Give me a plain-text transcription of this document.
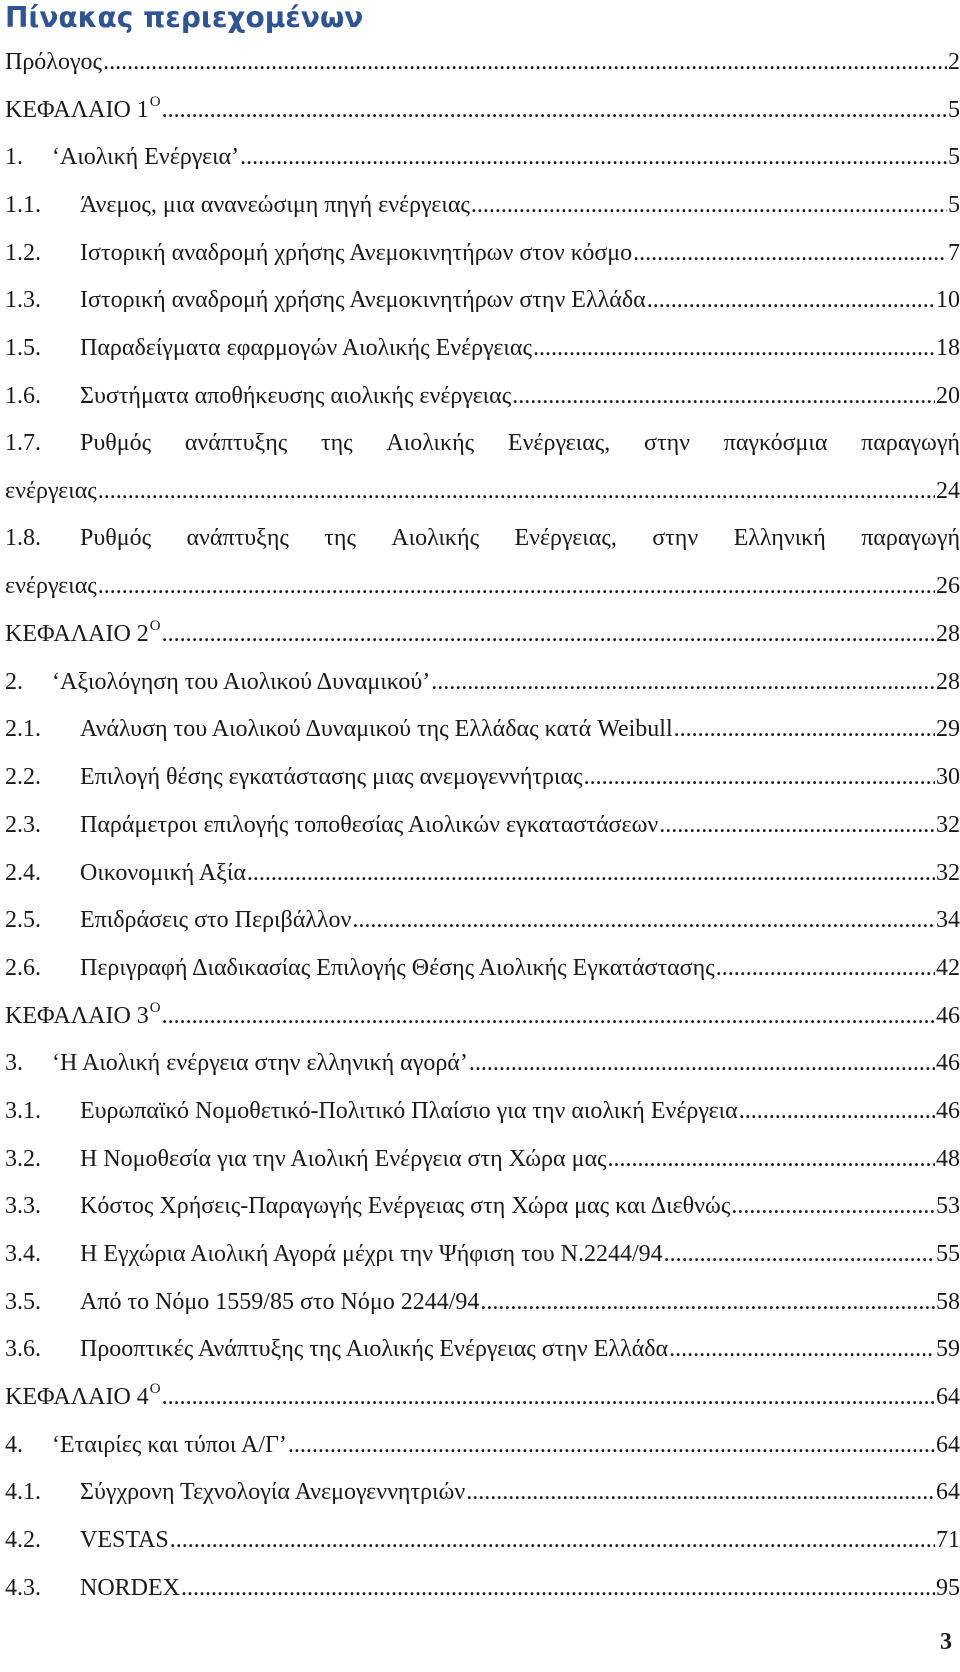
Πίνακας περιεχομένων
Πρόλογος .....	2
ΚΕΦΑΛΑΙΟ $1^O$ .....	5
1.	‘Αιολική Ενέργεια’ .....	5
1.1.	Άνεμος, μια ανανεώσιμη πηγή ενέργειας .....	5
1.2.	Ιστορική αναδρομή χρήσης Ανεμοκινητήρων στον κόσμο .....	7
1.3.	Ιστορική αναδρομή χρήσης Ανεμοκινητήρων στην Ελλάδα .....	10
1.5.	Παραδείγματα εφαρμογών Αιολικής Ενέργειας .....	18
1.6.	Συστήματα αποθήκευσης αιολικής ενέργειας .....	20
1.7.	Ρυθμός ανάπτυξης της Αιολικής Ενέργειας, στην παγκόσμια παραγωγή
ενέργειας .....	24
1.8.	Ρυθμός ανάπτυξης της Αιολικής Ενέργειας, στην Ελληνική παραγωγή
ενέργειας .....	26
ΚΕΦΑΛΑΙΟ $2^O$ .....	28
2.	‘Αξιολόγηση του Αιολικού Δυναμικού’ .....	28
2.1.	Ανάλυση του Αιολικού Δυναμικού της Ελλάδας κατά Weibull .....	29
2.2.	Επιλογή θέσης εγκατάστασης μιας ανεμογεννήτριας .....	30
2.3.	Παράμετροι επιλογής τοποθεσίας Αιολικών εγκαταστάσεων .....	32
2.4.	Οικονομική Αξία .....	32
2.5.	Επιδράσεις στο Περιβάλλον .....	34
2.6.	Περιγραφή Διαδικασίας Επιλογής Θέσης Αιολικής Εγκατάστασης .....	42
ΚΕΦΑΛΑΙΟ $3^O$ .....	46
3.	‘Η Αιολική ενέργεια στην ελληνική αγορά’ .....	46
3.1.	Ευρωπαϊκό Νομοθετικό-Πολιτικό Πλαίσιο για την αιολική Ενέργεια .....	46
3.2.	Η Νομοθεσία για την Αιολική Ενέργεια στη Χώρα μας .....	48
3.3.	Κόστος Χρήσεις-Παραγωγής Ενέργειας στη Χώρα μας και Διεθνώς .....	53
3.4.	Η Εγχώρια Αιολική Αγορά μέχρι την Ψήφιση του Ν.2244/94 .....	55
3.5.	Από το Νόμο 1559/85 στο Νόμο 2244/94 .....	58
3.6.	Προοπτικές Ανάπτυξης της Αιολικής Ενέργειας στην Ελλάδα .....	59
ΚΕΦΑΛΑΙΟ $4^O$ .....	64
4.	‘Εταιρίες και τύποι Α/Γ’ .....	64
4.1.	Σύγχρονη Τεχνολογία Ανεμογεννητριών .....	64
4.2.	VESTAS .....	71
4.3.	NORDEX .....	95
3
